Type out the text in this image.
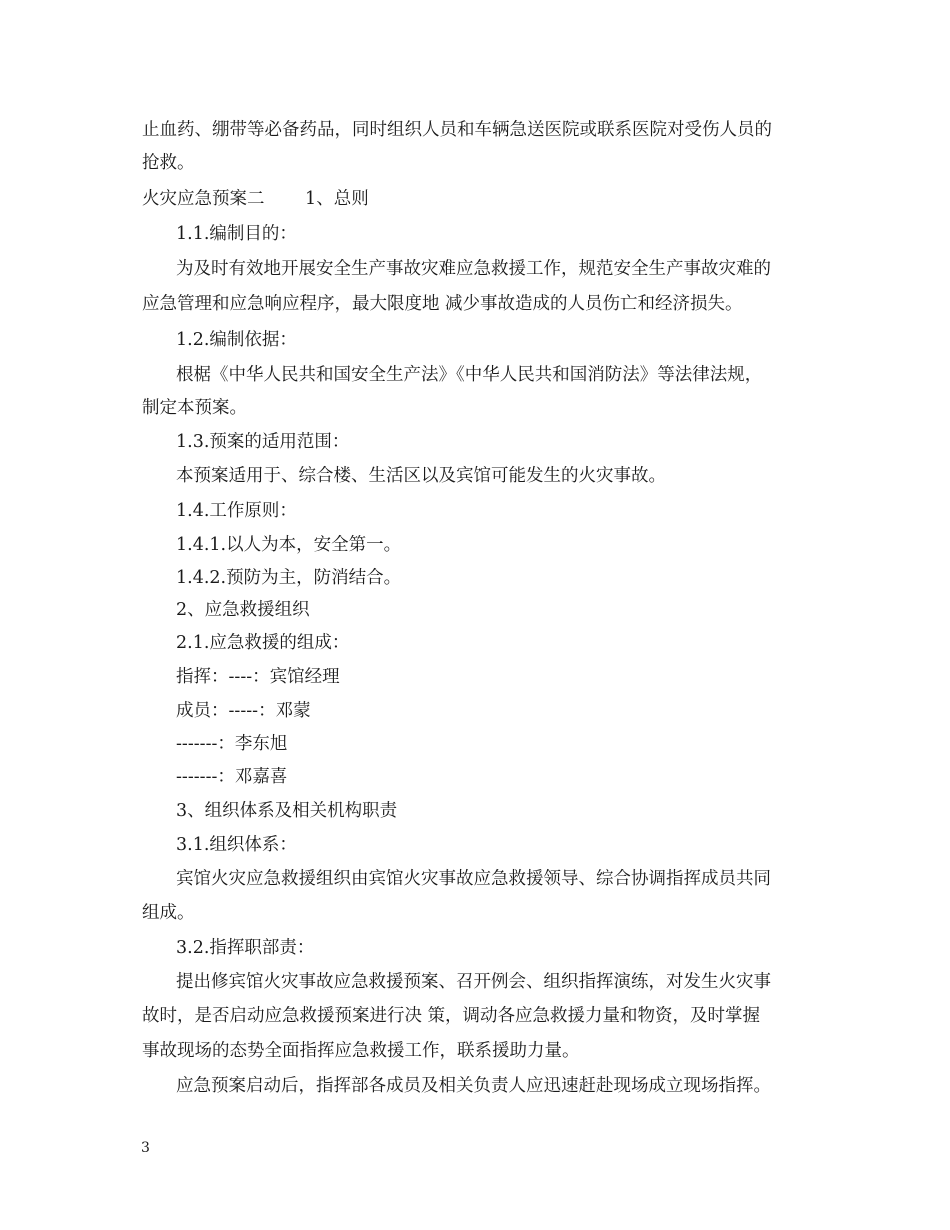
止血药、绷带等必备药品，同时组织人员和车辆急送医院或联系医院对受伤人员的
抢救。
火灾应急预案二　　 1、总则
1.1.编制目的：
为及时有效地开展安全生产事故灾难应急救援工作，规范安全生产事故灾难的
应急管理和应急响应程序，最大限度地 减少事故造成的人员伤亡和经济损失。
1.2.编制依据：
根椐《中华人民共和国安全生产法》《中华人民共和国消防法》等法律法规，
制定本预案。
1.3.预案的适用范围：
本预案适用于、综合楼、生活区以及宾馆可能发生的火灾事故。
1.4.工作原则：
1.4.1.以人为本，安全第一。
1.4.2.预防为主，防消结合。
2、应急救援组织
2.1.应急救援的组成：
指挥：----：宾馆经理
成员：-----：邓蒙
-------：李东旭
-------：邓嘉喜
3、组织体系及相关机构职责
3.1.组织体系：
宾馆火灾应急救援组织由宾馆火灾事故应急救援领导、综合协调指挥成员共同
组成。
3.2.指挥职部责：
提出修宾馆火灾事故应急救援预案、召开例会、组织指挥演练，对发生火灾事
故时，是否启动应急救援预案进行决 策，调动各应急救援力量和物资，及时掌握
事故现场的态势全面指挥应急救援工作，联系援助力量。
应急预案启动后，指挥部各成员及相关负责人应迅速赶赴现场成立现场指挥。
3
